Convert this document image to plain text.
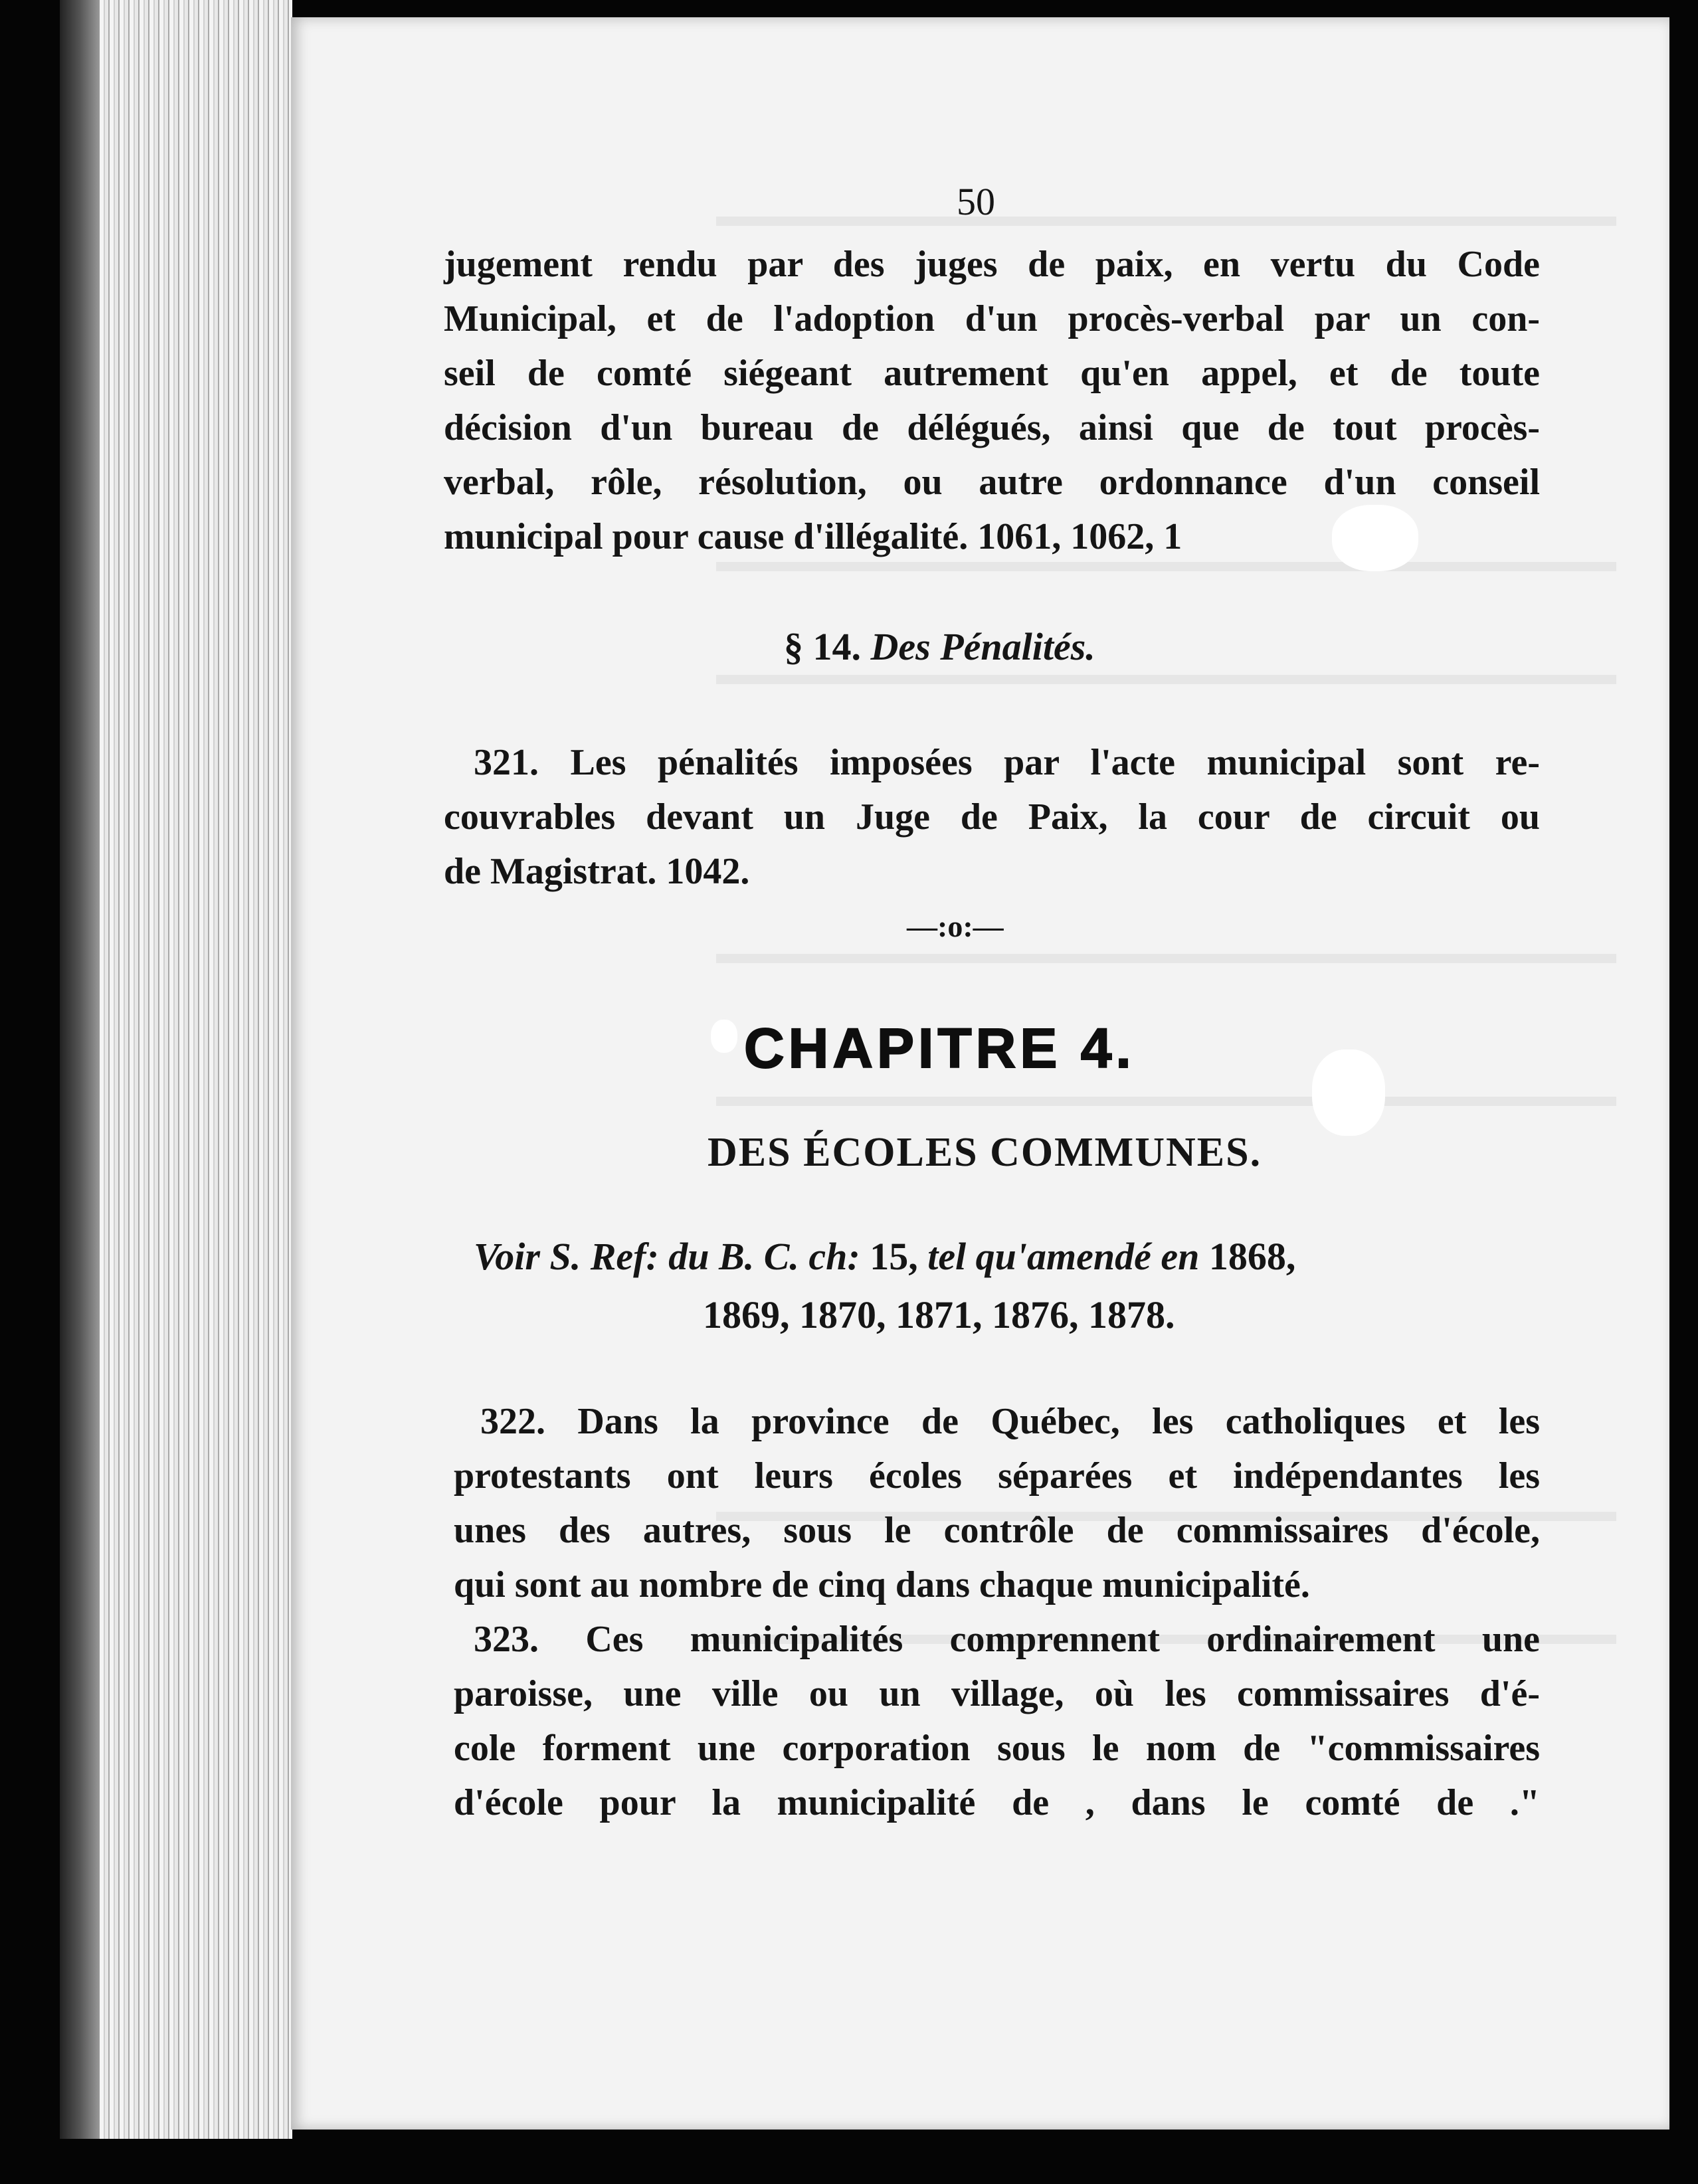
50
jugement rendu par des juges de paix, en vertu du Code
Municipal, et de l'adoption d'un procès-verbal par un con-
seil de comté siégeant autrement qu'en appel, et de toute
décision d'un bureau de délégués, ainsi que de tout procès-
verbal, rôle, résolution, ou autre ordonnance d'un conseil
municipal pour cause d'illégalité. 1061, 1062, 1
§ 14. Des Pénalités.
321. Les pénalités imposées par l'acte municipal sont re-
couvrables devant un Juge de Paix, la cour de circuit ou
de Magistrat. 1042.
—:o:—
CHAPITRE 4.
DES ÉCOLES COMMUNES.
Voir S. Ref: du B. C. ch: 15, tel qu'amendé en 1868,
1869, 1870, 1871, 1876, 1878.
322. Dans la province de Québec, les catholiques et les
protestants ont leurs écoles séparées et indépendantes les
unes des autres, sous le contrôle de commissaires d'école,
qui sont au nombre de cinq dans chaque municipalité.
323. Ces municipalités comprennent ordinairement une
paroisse, une ville ou un village, où les commissaires d'é-
cole forment une corporation sous le nom de "commissaires
d'école pour la municipalité de , dans le comté de ."
